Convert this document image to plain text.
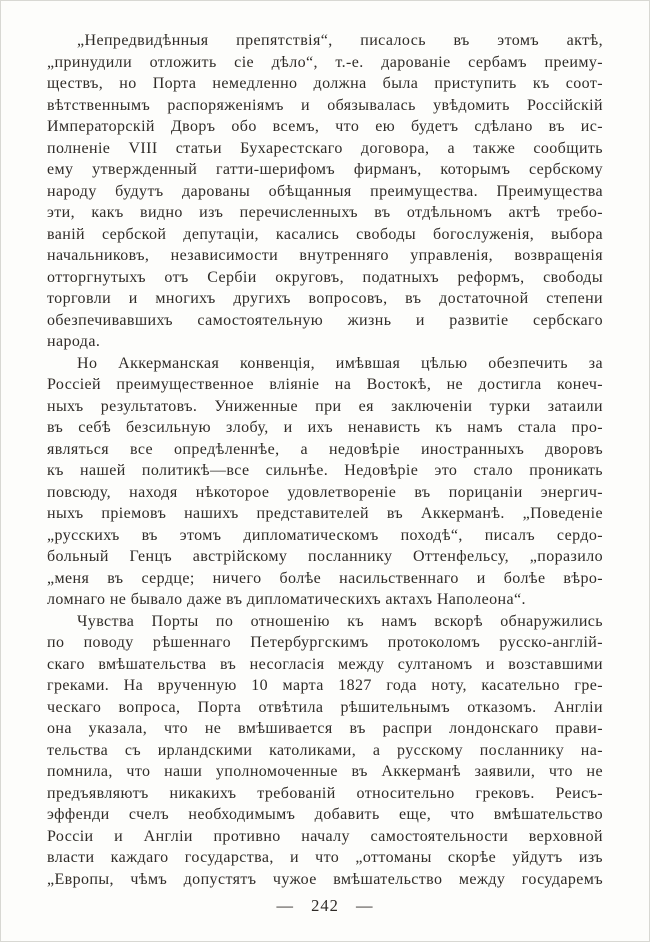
„Непредвидѣнныя препятствія“, писалось въ этомъ актѣ,
„принудили отложить сіе дѣло“, т.-е. дарованіе сербамъ преиму-
ществъ, но Порта немедленно должна была приступить къ соот-
вѣтственнымъ распоряженіямъ и обязывалась увѣдомить Россійскій
Императорскій Дворъ обо всемъ, что ею будетъ сдѣлано въ ис-
полненіе VIII статьи Бухарестскаго договора, а также сообщить
ему утвержденный гатти-шерифомъ фирманъ, которымъ сербскому
народу будутъ дарованы обѣщанныя преимущества. Преимущества
эти, какъ видно изъ перечисленныхъ въ отдѣльномъ актѣ требо-
ваній сербской депутаціи, касались свободы богослуженія, выбора
начальниковъ, независимости внутренняго управленія, возвращенія
отторгнутыхъ отъ Сербіи округовъ, податныхъ реформъ, свободы
торговли и многихъ другихъ вопросовъ, въ достаточной степени
обезпечивавшихъ самостоятельную жизнь и развитіе сербскаго
народа.
Но Аккерманская конвенція, имѣвшая цѣлью обезпечить за
Россіей преимущественное вліяніе на Востокѣ, не достигла конеч-
ныхъ результатовъ. Униженные при ея заключеніи турки затаили
въ себѣ безсильную злобу, и ихъ ненависть къ намъ стала про-
являться все опредѣленнѣе, а недовѣріе иностранныхъ дворовъ
къ нашей политикѣ—все сильнѣе. Недовѣріе это стало проникать
повсюду, находя нѣкоторое удовлетвореніе въ порицаніи энергич-
ныхъ пріемовъ нашихъ представителей въ Аккерманѣ. „Поведеніе
„русскихъ въ этомъ дипломатическомъ походѣ“, писалъ сердо-
больный Генцъ австрійскому посланнику Оттенфельсу, „поразило
„меня въ сердце; ничего болѣе насильственнаго и болѣе вѣро-
ломнаго не бывало даже въ дипломатическихъ актахъ Наполеона“.
Чувства Порты по отношенію къ намъ вскорѣ обнаружились
по поводу рѣшеннаго Петербургскимъ протоколомъ русско-англій-
скаго вмѣшательства въ несогласія между султаномъ и возставшими
греками. На врученную 10 марта 1827 года ноту, касательно гре-
ческаго вопроса, Порта отвѣтила рѣшительнымъ отказомъ. Англіи
она указала, что не вмѣшивается въ распри лондонскаго прави-
тельства съ ирландскими католиками, а русскому посланнику на-
помнила, что наши уполномоченные въ Аккерманѣ заявили, что не
предъявляютъ никакихъ требованій относительно грековъ. Реисъ-
эффенди счелъ необходимымъ добавить еще, что вмѣшательство
Россіи и Англіи противно началу самостоятельности верховной
власти каждаго государства, и что „оттоманы скорѣе уйдутъ изъ
„Европы, чѣмъ допустятъ чужое вмѣшательство между государемъ
— 242 —
